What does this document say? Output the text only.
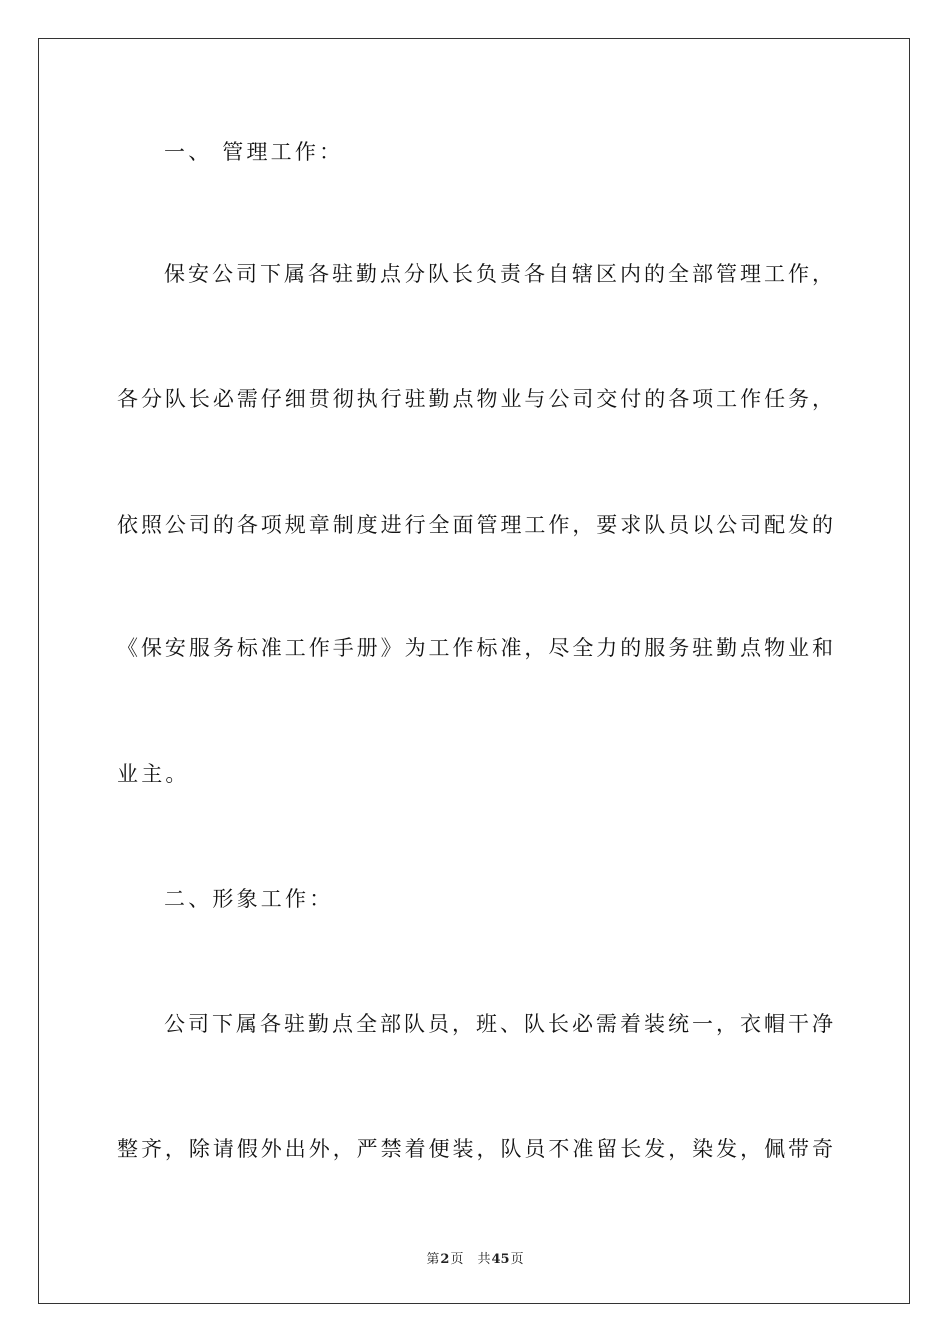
一、 管理工作：
保安公司下属各驻勤点分队长负责各自辖区内的全部管理工作，
各分队长必需仔细贯彻执行驻勤点物业与公司交付的各项工作任务，
依照公司的各项规章制度进行全面管理工作，要求队员以公司配发的
《保安服务标准工作手册》为工作标准，尽全力的服务驻勤点物业和
业主。
二、形象工作：
公司下属各驻勤点全部队员，班、队长必需着装统一，衣帽干净
整齐，除请假外出外，严禁着便装，队员不准留长发，染发，佩带奇
第2页 共45页
